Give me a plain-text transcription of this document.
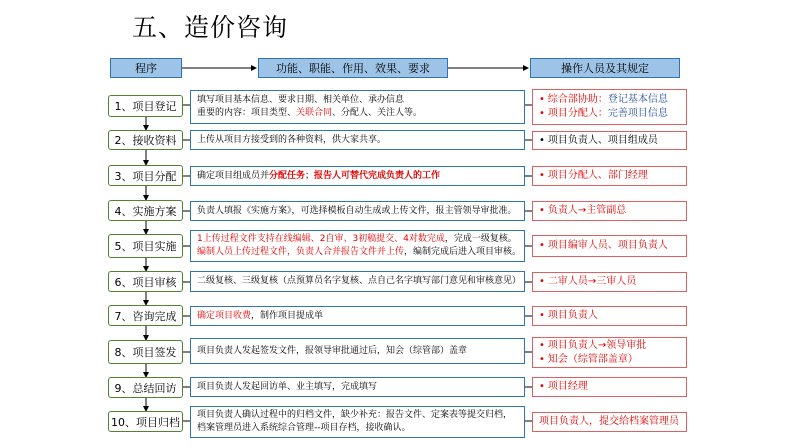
五、造价咨询
程序	功能、职能、作用、效果、要求	操作人员及其规定
1、项目登记
2、接收资料
3、项目分配
4、实施方案
5、项目实施
6、项目审核
7、咨询完成
8、项目签发
9、总结回访
10、项目归档
填写项目基本信息、要求日期、相关单位、承办信息
重要的内容：项目类型、关联合同、分配人、关注人等。
上传从项目方接受到的各种资料，供大家共享。
确定项目组成员并分配任务；报告人可替代完成负责人的工作
负责人填报《实施方案》，可选择模板自动生成或上传文件，报主管领导审批准。
1上传过程文件支持在线编辑、2自审、3初稿提交、4对数完成，完成一级复核。
编制人员上传过程文件，负责人合并报告文件并上传，编制完成后进入项目审核。
二级复核、三级复核（点预算员名字复核、点自己名字填写部门意见和审核意见）
确定项目收费，制作项目提成单
项目负责人发起签发文件，报领导审批通过后，知会（综管部）盖章
项目负责人发起回访单、业主填写，完成填写
项目负责人确认过程中的归档文件，缺少补充：报告文件、定案表等提交归档，
档案管理员进入系统综合管理--项目存档，接收确认。
• 综合部协助：登记基本信息
• 项目分配人：完善项目信息
• 项目负责人、项目组成员
• 项目分配人、部门经理
• 负责人→主管副总
• 项目编审人员、项目负责人
• 二审人员→三审人员
• 项目负责人
• 项目负责人→领导审批
• 知会（综管部盖章）
• 项目经理
项目负责人，提交给档案管理员
